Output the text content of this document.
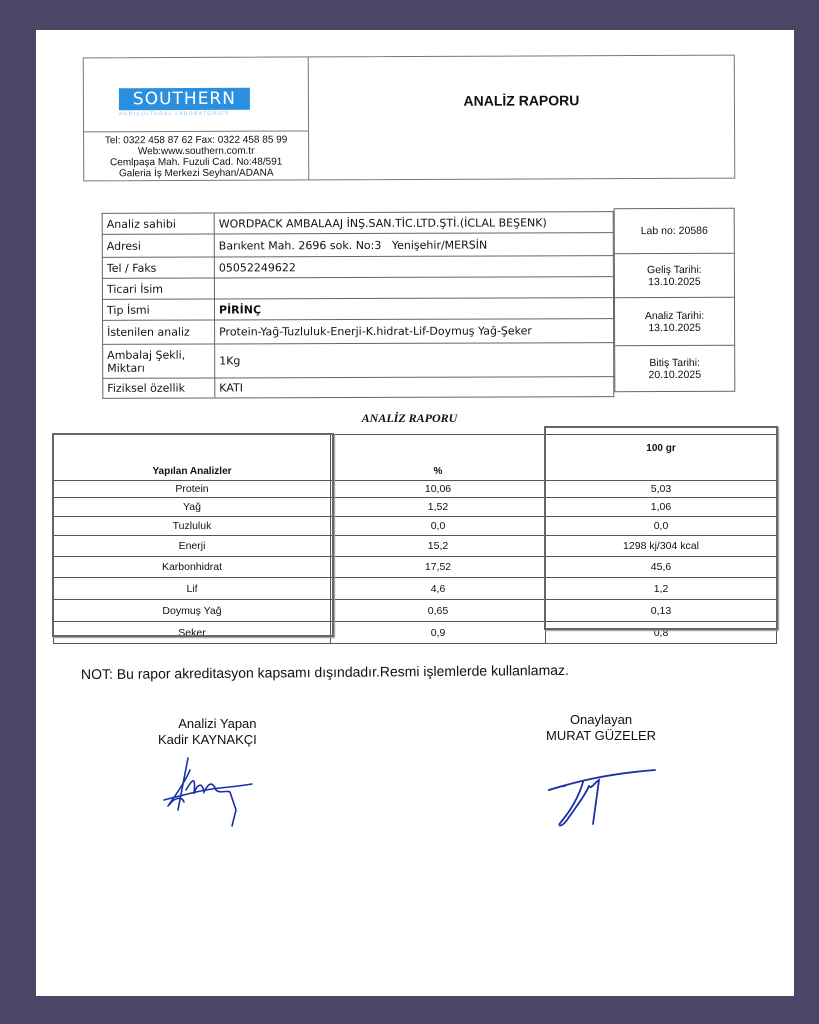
SOUTHERN
AGRICULTURAL LABORATORIES
Tel: 0322 458 87 62 Fax: 0322 458 85 99
Web:www.southern.com.tr
Cemlpaşa Mah. Fuzuli Cad. No:48/591
Galeria İş Merkezi Seyhan/ADANA
ANALİZ RAPORU
Analiz sahibi	WORDPACK AMBALAAJ İNŞ.SAN.TİC.LTD.ŞTİ.(İCLAL BEŞENK)
Adresi	Barıkent Mah. 2696 sok. No:3   Yenişehir/MERSİN
Tel / Faks	05052249622
Ticari İsim	
Tip İsmi	PİRİNÇ
İstenilen analiz	Protein-Yağ-Tuzluluk-Enerji-K.hidrat-Lif-Doymuş Yağ-Şeker
Ambalaj Şekli, Miktarı	1Kg
Fiziksel özellik	KATI
Lab no: 20586
Geliş Tarihi:
13.10.2025
Analiz Tarihi:
13.10.2025
Bitiş Tarihi:
20.10.2025
ANALİZ RAPORU
Yapılan Analizler	%	100 gr
Protein	10,06	5,03
Yağ	1,52	1,06
Tuzluluk	0,0	0,0
Enerji	15,2	1298 kj/304 kcal
Karbonhidrat	17,52	45,6
Lif	4,6	1,2
Doymuş Yağ	0,65	0,13
Şeker	0,9	0,8
NOT: Bu rapor akreditasyon kapsamı dışındadır.Resmi işlemlerde kullanlamaz.
Analizi Yapan
Kadir KAYNAKÇI
Onaylayan
MURAT GÜZELER
